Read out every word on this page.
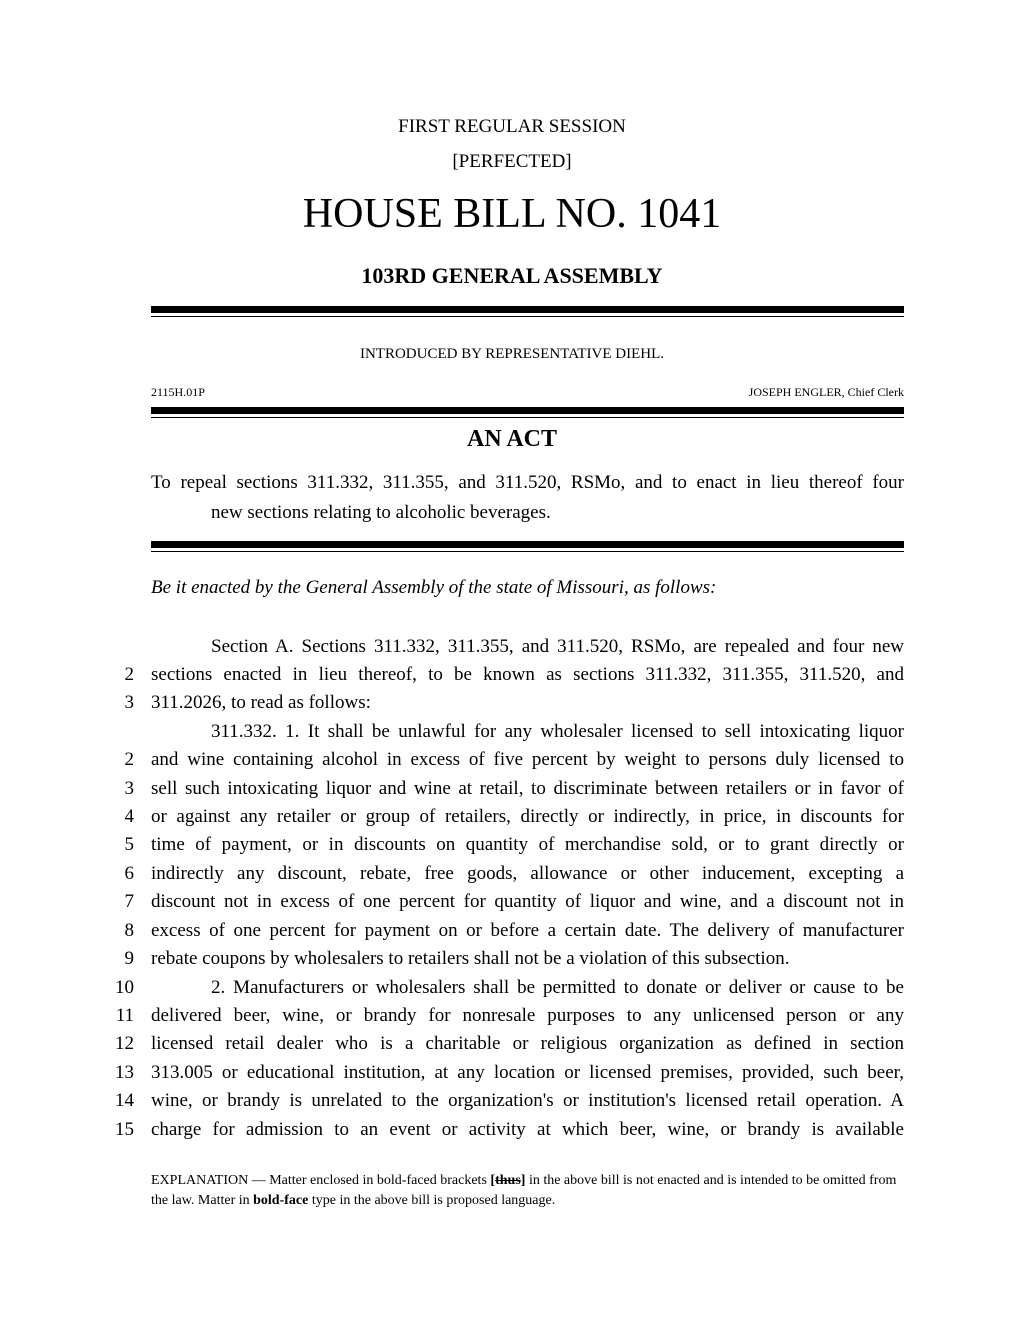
FIRST REGULAR SESSION
[PERFECTED]
HOUSE BILL NO. 1041
103RD GENERAL ASSEMBLY
INTRODUCED BY REPRESENTATIVE DIEHL.
2115H.01P	JOSEPH ENGLER, Chief Clerk
AN ACT
To repeal sections 311.332, 311.355, and 311.520, RSMo, and to enact in lieu thereof four
new sections relating to alcoholic beverages.
Be it enacted by the General Assembly of the state of Missouri, as follows:
Section A. Sections 311.332, 311.355, and 311.520, RSMo, are repealed and four new
2 sections enacted in lieu thereof, to be known as sections 311.332, 311.355, 311.520, and
3 311.2026, to read as follows:
311.332. 1. It shall be unlawful for any wholesaler licensed to sell intoxicating liquor
2 and wine containing alcohol in excess of five percent by weight to persons duly licensed to
3 sell such intoxicating liquor and wine at retail, to discriminate between retailers or in favor of
4 or against any retailer or group of retailers, directly or indirectly, in price, in discounts for
5 time of payment, or in discounts on quantity of merchandise sold, or to grant directly or
6 indirectly any discount, rebate, free goods, allowance or other inducement, excepting a
7 discount not in excess of one percent for quantity of liquor and wine, and a discount not in
8 excess of one percent for payment on or before a certain date. The delivery of manufacturer
9 rebate coupons by wholesalers to retailers shall not be a violation of this subsection.
10	2. Manufacturers or wholesalers shall be permitted to donate or deliver or cause to be
11 delivered beer, wine, or brandy for nonresale purposes to any unlicensed person or any
12 licensed retail dealer who is a charitable or religious organization as defined in section
13 313.005 or educational institution, at any location or licensed premises, provided, such beer,
14 wine, or brandy is unrelated to the organization's or institution's licensed retail operation. A
15 charge for admission to an event or activity at which beer, wine, or brandy is available
EXPLANATION — Matter enclosed in bold-faced brackets [thus] in the above bill is not enacted and is intended to be omitted from the law. Matter in bold-face type in the above bill is proposed language.
